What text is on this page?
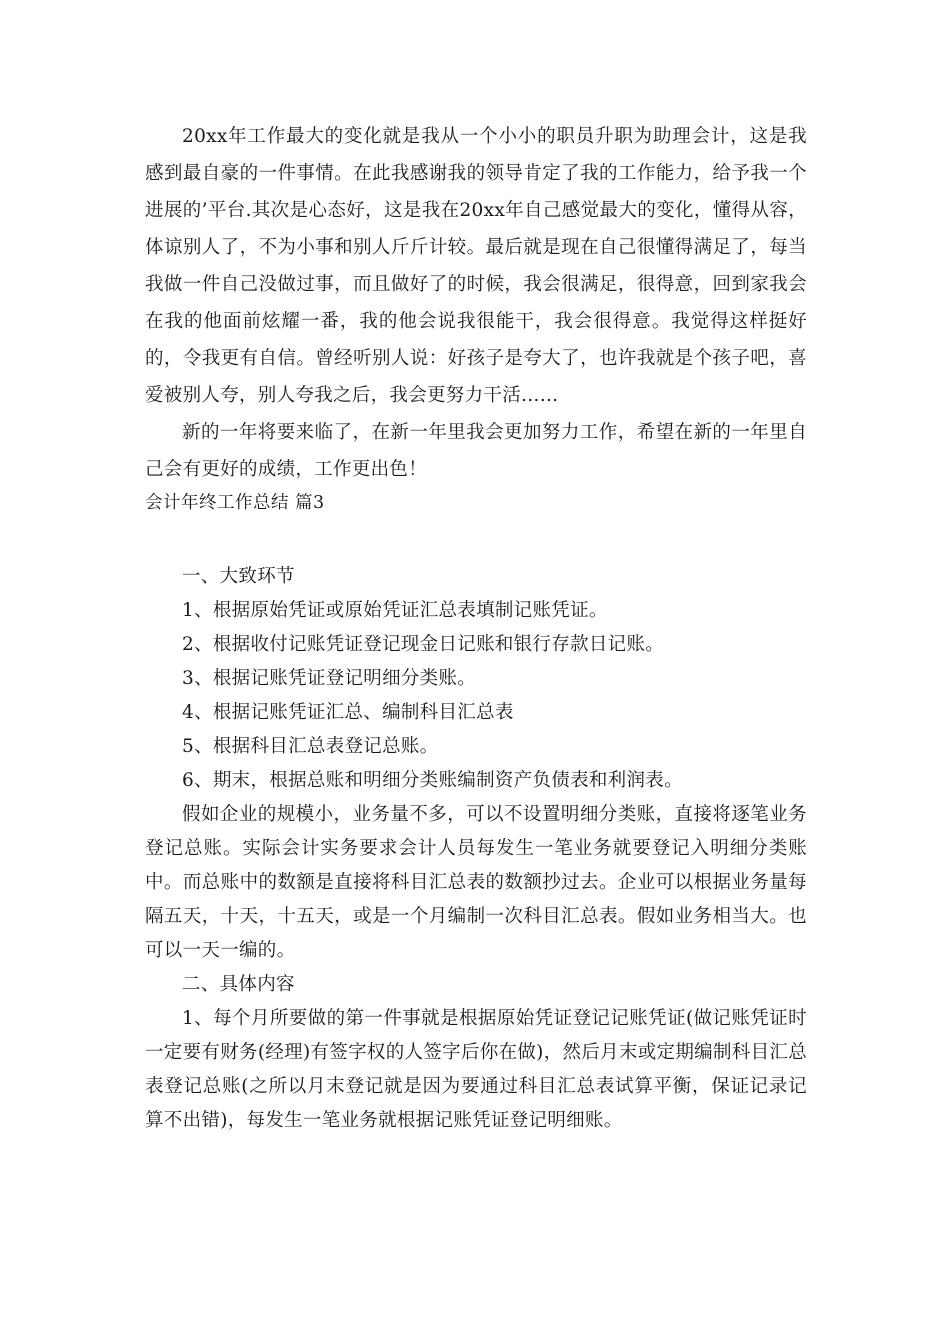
20xx年工作最大的变化就是我从一个小小的职员升职为助理会计，这是我感到最自豪的一件事情。在此我感谢我的领导肯定了我的工作能力，给予我一个进展的’平台.其次是心态好，这是我在20xx年自己感觉最大的变化，懂得从容，体谅别人了，不为小事和别人斤斤计较。最后就是现在自己很懂得满足了，每当我做一件自己没做过事，而且做好了的时候，我会很满足，很得意，回到家我会在我的他面前炫耀一番，我的他会说我很能干，我会很得意。我觉得这样挺好的，令我更有自信。曾经听别人说：好孩子是夸大了，也许我就是个孩子吧，喜爱被别人夸，别人夸我之后，我会更努力干活……

新的一年将要来临了，在新一年里我会更加努力工作，希望在新的一年里自己会有更好的成绩，工作更出色！

会计年终工作总结 篇3

一、大致环节

1、根据原始凭证或原始凭证汇总表填制记账凭证。

2、根据收付记账凭证登记现金日记账和银行存款日记账。

3、根据记账凭证登记明细分类账。

4、根据记账凭证汇总、编制科目汇总表

5、根据科目汇总表登记总账。

6、期末，根据总账和明细分类账编制资产负债表和利润表。

假如企业的规模小，业务量不多，可以不设置明细分类账，直接将逐笔业务登记总账。实际会计实务要求会计人员每发生一笔业务就要登记入明细分类账中。而总账中的数额是直接将科目汇总表的数额抄过去。企业可以根据业务量每隔五天，十天，十五天，或是一个月编制一次科目汇总表。假如业务相当大。也可以一天一编的。

二、具体内容

1、每个月所要做的第一件事就是根据原始凭证登记记账凭证(做记账凭证时一定要有财务(经理)有签字权的人签字后你在做)，然后月末或定期编制科目汇总表登记总账(之所以月末登记就是因为要通过科目汇总表试算平衡，保证记录记算不出错)，每发生一笔业务就根据记账凭证登记明细账。
